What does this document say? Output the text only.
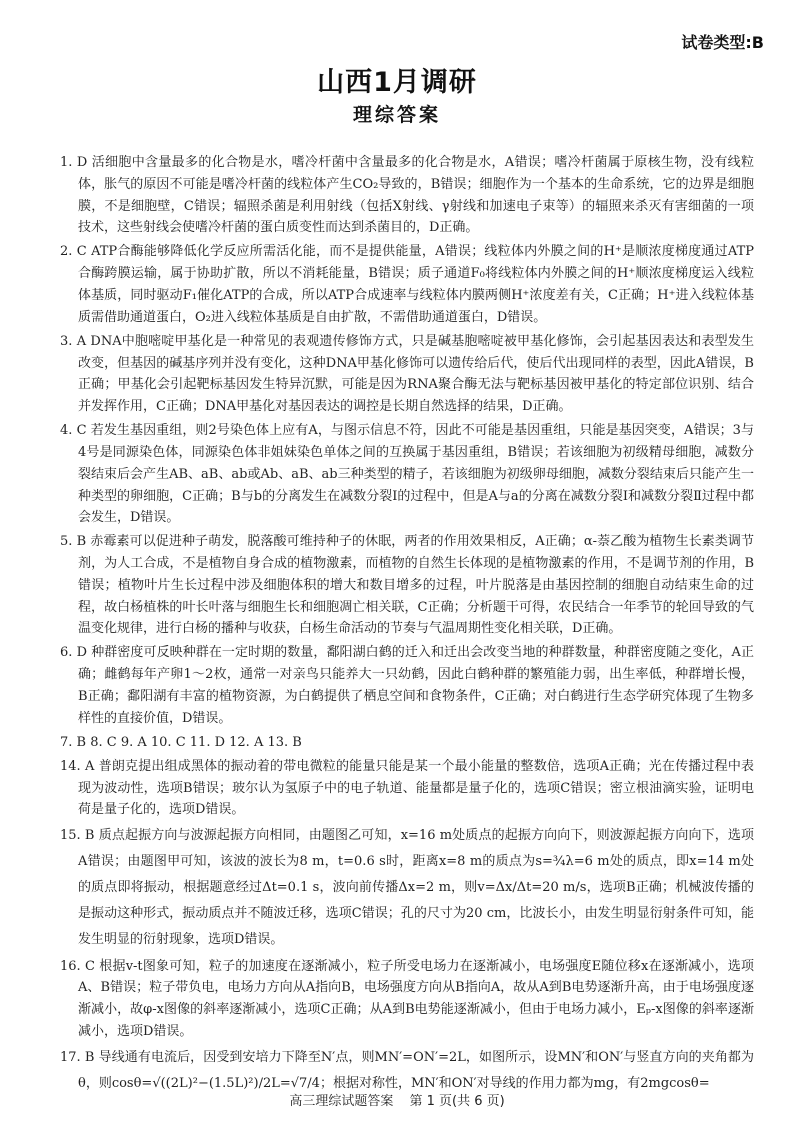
试卷类型:B
山西1月调研
理综答案

1. D 活细胞中含量最多的化合物是水，嗜冷杆菌中含量最多的化合物是水，A错误；嗜冷杆菌属于原核生物，没有线粒体，胀气的原因不可能是嗜冷杆菌的线粒体产生CO₂导致的，B错误；细胞作为一个基本的生命系统，它的边界是细胞膜，不是细胞壁，C错误；辐照杀菌是利用射线（包括X射线、γ射线和加速电子束等）的辐照来杀灭有害细菌的一项技术，这些射线会使嗜冷杆菌的蛋白质变性而达到杀菌目的，D正确。

2. C ATP合酶能够降低化学反应所需活化能，而不是提供能量，A错误；线粒体内外膜之间的H⁺是顺浓度梯度通过ATP合酶跨膜运输，属于协助扩散，所以不消耗能量，B错误；质子通道F₀将线粒体内外膜之间的H⁺顺浓度梯度运入线粒体基质，同时驱动F₁催化ATP的合成，所以ATP合成速率与线粒体内膜两侧H⁺浓度差有关，C正确；H⁺进入线粒体基质需借助通道蛋白，O₂进入线粒体基质是自由扩散，不需借助通道蛋白，D错误。

3. A DNA中胞嘧啶甲基化是一种常见的表观遗传修饰方式，只是碱基胞嘧啶被甲基化修饰，会引起基因表达和表型发生改变，但基因的碱基序列并没有变化，这种DNA甲基化修饰可以遗传给后代，使后代出现同样的表型，因此A错误，B正确；甲基化会引起靶标基因发生特异沉默，可能是因为RNA聚合酶无法与靶标基因被甲基化的特定部位识别、结合并发挥作用，C正确；DNA甲基化对基因表达的调控是长期自然选择的结果，D正确。

4. C 若发生基因重组，则2号染色体上应有A，与图示信息不符，因此不可能是基因重组，只能是基因突变，A错误；3与4号是同源染色体，同源染色体非姐妹染色单体之间的互换属于基因重组，B错误；若该细胞为初级精母细胞，减数分裂结束后会产生AB、aB、ab或Ab、aB、ab三种类型的精子，若该细胞为初级卵母细胞，减数分裂结束后只能产生一种类型的卵细胞，C正确；B与b的分离发生在减数分裂Ⅰ的过程中，但是A与a的分离在减数分裂Ⅰ和减数分裂Ⅱ过程中都会发生，D错误。

5. B 赤霉素可以促进种子萌发，脱落酸可维持种子的休眠，两者的作用效果相反，A正确；α-萘乙酸为植物生长素类调节剂，为人工合成，不是植物自身合成的植物激素，而植物的自然生长体现的是植物激素的作用，不是调节剂的作用，B错误；植物叶片生长过程中涉及细胞体积的增大和数目增多的过程，叶片脱落是由基因控制的细胞自动结束生命的过程，故白杨植株的叶长叶落与细胞生长和细胞凋亡相关联，C正确；分析题干可得，农民结合一年季节的轮回导致的气温变化规律，进行白杨的播种与收获，白杨生命活动的节奏与气温周期性变化相关联，D正确。

6. D 种群密度可反映种群在一定时期的数量，鄱阳湖白鹤的迁入和迁出会改变当地的种群数量，种群密度随之变化，A正确；雌鹤每年产卵1～2枚，通常一对亲鸟只能养大一只幼鹤，因此白鹤种群的繁殖能力弱，出生率低，种群增长慢，B正确；鄱阳湖有丰富的植物资源，为白鹤提供了栖息空间和食物条件，C正确；对白鹤进行生态学研究体现了生物多样性的直接价值，D错误。

7. B 8. C 9. A 10. C 11. D 12. A 13. B

14. A 普朗克提出组成黑体的振动着的带电微粒的能量只能是某一个最小能量的整数倍，选项A正确；光在传播过程中表现为波动性，选项B错误；玻尔认为氢原子中的电子轨道、能量都是量子化的，选项C错误；密立根油滴实验，证明电荷是量子化的，选项D错误。

15. B 质点起振方向与波源起振方向相同，由题图乙可知，x=16 m处质点的起振方向向下，则波源起振方向向下，选项A错误；由题图甲可知，该波的波长为8 m，t=0.6 s时，距离x=8 m的质点为s=¾λ=6 m处的质点，即x=14 m处的质点即将振动，根据题意经过Δt=0.1 s，波向前传播Δx=2 m，则v=Δx/Δt=20 m/s，选项B正确；机械波传播的是振动这种形式，振动质点并不随波迁移，选项C错误；孔的尺寸为20 cm，比波长小，由发生明显衍射条件可知，能发生明显的衍射现象，选项D错误。

16. C 根据v-t图象可知，粒子的加速度在逐渐减小，粒子所受电场力在逐渐减小，电场强度E随位移x在逐渐减小，选项A、B错误；粒子带负电，电场力方向从A指向B，电场强度方向从B指向A，故从A到B电势逐渐升高，由于电场强度逐渐减小，故φ-x图像的斜率逐渐减小，选项C正确；从A到B电势能逐渐减小，但由于电场力减小，Eₚ-x图像的斜率逐渐减小，选项D错误。

17. B 导线通有电流后，因受到安培力下降至N′点，则MN′=ON′=2L，如图所示，设MN′和ON′与竖直方向的夹角都为θ，则cosθ=√((2L)²−(1.5L)²)/2L=√7/4；根据对称性，MN′和ON′对导线的作用力都为mg，有2mgcosθ=

高三理综试题答案 第 1 页(共 6 页)
